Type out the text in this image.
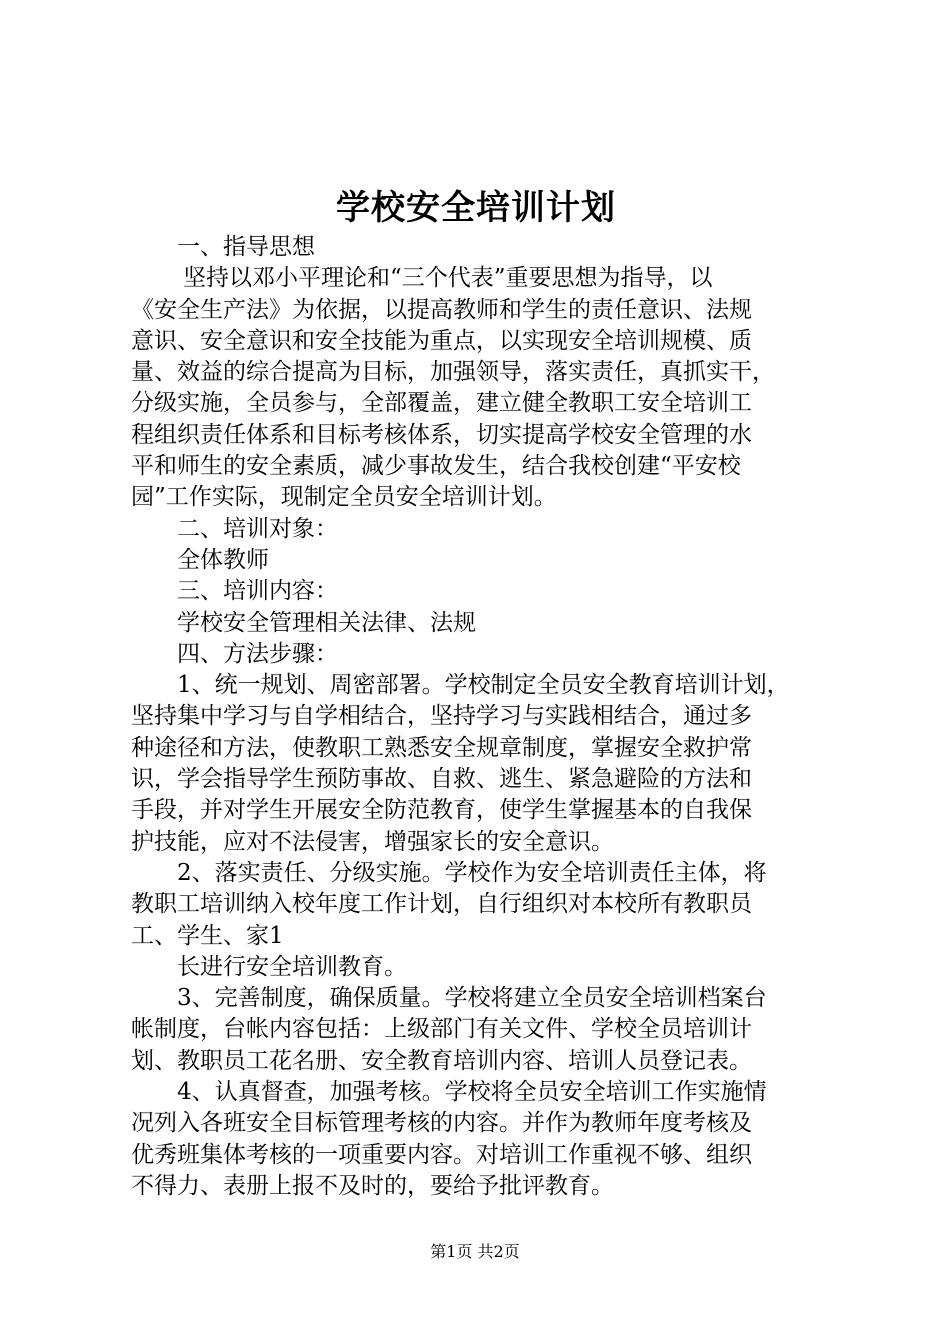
学校安全培训计划
一、指导思想
坚持以邓小平理论和“三个代表”重要思想为指导，以
《安全生产法》为依据，以提高教师和学生的责任意识、法规
意识、安全意识和安全技能为重点，以实现安全培训规模、质
量、效益的综合提高为目标，加强领导，落实责任，真抓实干，
分级实施，全员参与，全部覆盖，建立健全教职工安全培训工
程组织责任体系和目标考核体系，切实提高学校安全管理的水
平和师生的安全素质，减少事故发生，结合我校创建“平安校
园”工作实际，现制定全员安全培训计划。
二、培训对象：
全体教师
三、培训内容：
学校安全管理相关法律、法规
四、方法步骤：
1、统一规划、周密部署。学校制定全员安全教育培训计划，
坚持集中学习与自学相结合，坚持学习与实践相结合，通过多
种途径和方法，使教职工熟悉安全规章制度，掌握安全救护常
识，学会指导学生预防事故、自救、逃生、紧急避险的方法和
手段，并对学生开展安全防范教育，使学生掌握基本的自我保
护技能，应对不法侵害，增强家长的安全意识。
2、落实责任、分级实施。学校作为安全培训责任主体，将
教职工培训纳入校年度工作计划，自行组织对本校所有教职员
工、学生、家1
长进行安全培训教育。
3、完善制度，确保质量。学校将建立全员安全培训档案台
帐制度，台帐内容包括：上级部门有关文件、学校全员培训计
划、教职员工花名册、安全教育培训内容、培训人员登记表。
4、认真督查，加强考核。学校将全员安全培训工作实施情
况列入各班安全目标管理考核的内容。并作为教师年度考核及
优秀班集体考核的一项重要内容。对培训工作重视不够、组织
不得力、表册上报不及时的，要给予批评教育。
第1页 共2页
